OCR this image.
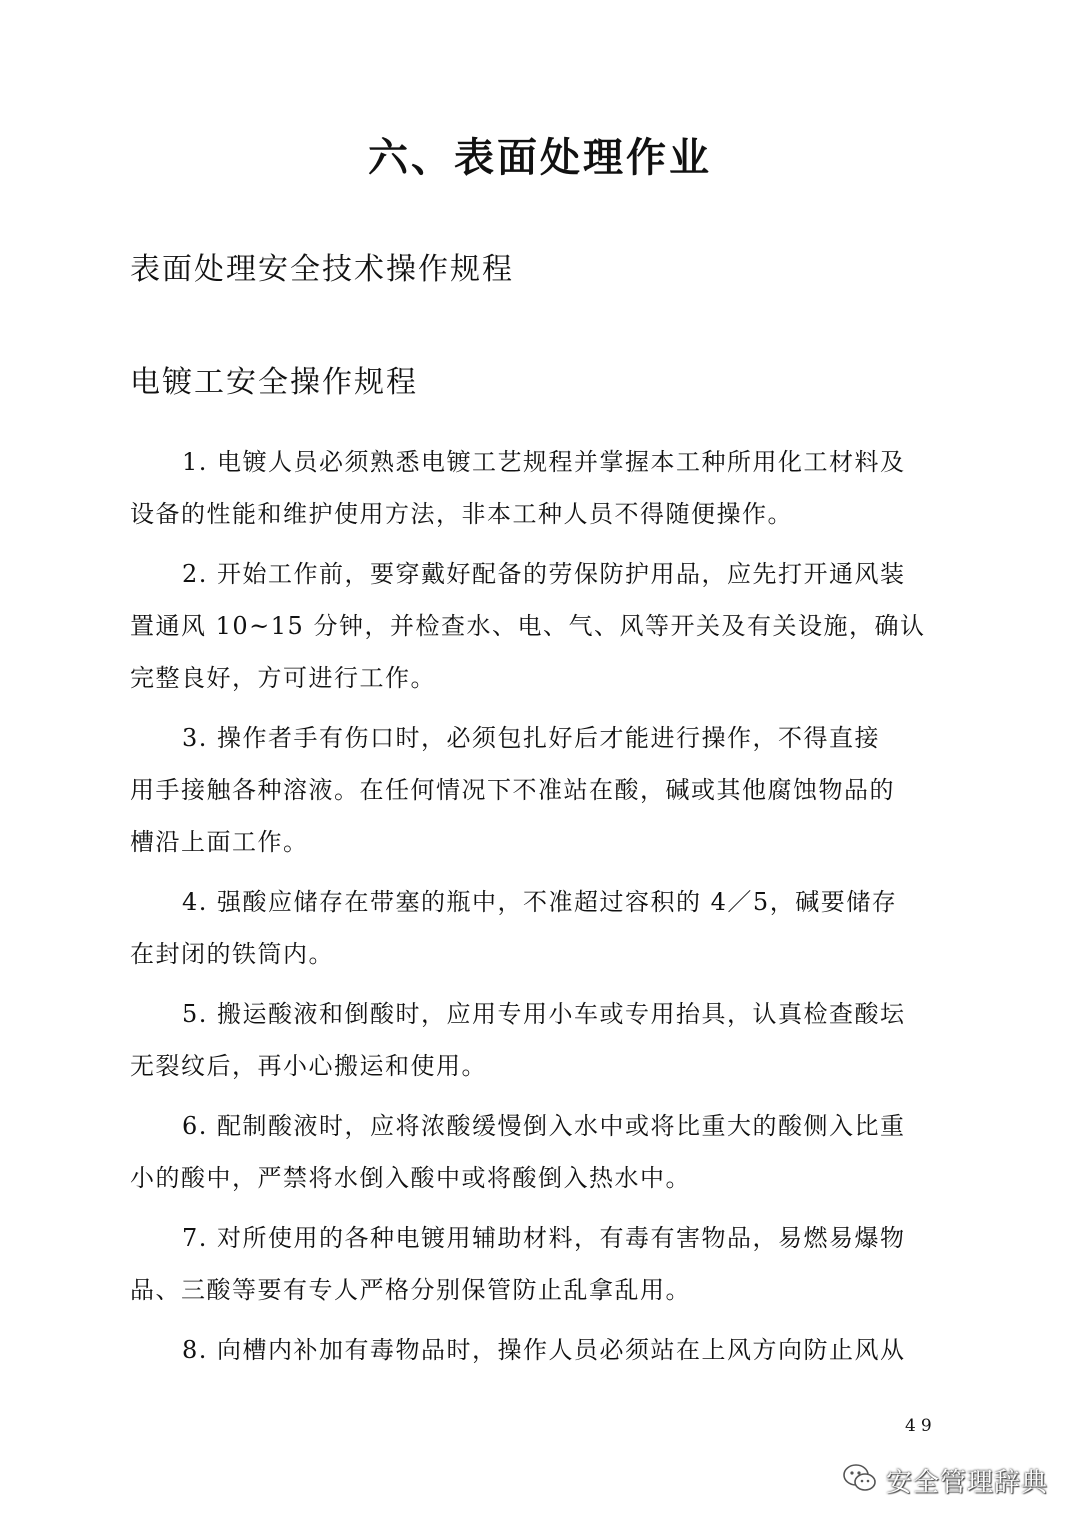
六、表面处理作业
表面处理安全技术操作规程
电镀工安全操作规程
1. 电镀人员必须熟悉电镀工艺规程并掌握本工种所用化工材料及
设备的性能和维护使用方法，非本工种人员不得随便操作。
2. 开始工作前，要穿戴好配备的劳保防护用品，应先打开通风装
置通风 10~15 分钟，并检查水、电、气、风等开关及有关设施，确认
完整良好，方可进行工作。
3. 操作者手有伤口时，必须包扎好后才能进行操作，不得直接
用手接触各种溶液。在任何情况下不准站在酸，碱或其他腐蚀物品的
槽沿上面工作。
4. 强酸应储存在带塞的瓶中，不准超过容积的 4／5，碱要储存
在封闭的铁筒内。
5. 搬运酸液和倒酸时，应用专用小车或专用抬具，认真检查酸坛
无裂纹后，再小心搬运和使用。
6. 配制酸液时，应将浓酸缓慢倒入水中或将比重大的酸侧入比重
小的酸中，严禁将水倒入酸中或将酸倒入热水中。
7. 对所使用的各种电镀用辅助材料，有毒有害物品，易燃易爆物
品、三酸等要有专人严格分别保管防止乱拿乱用。
8. 向槽内补加有毒物品时，操作人员必须站在上风方向防止风从
49
安全管理辞典
